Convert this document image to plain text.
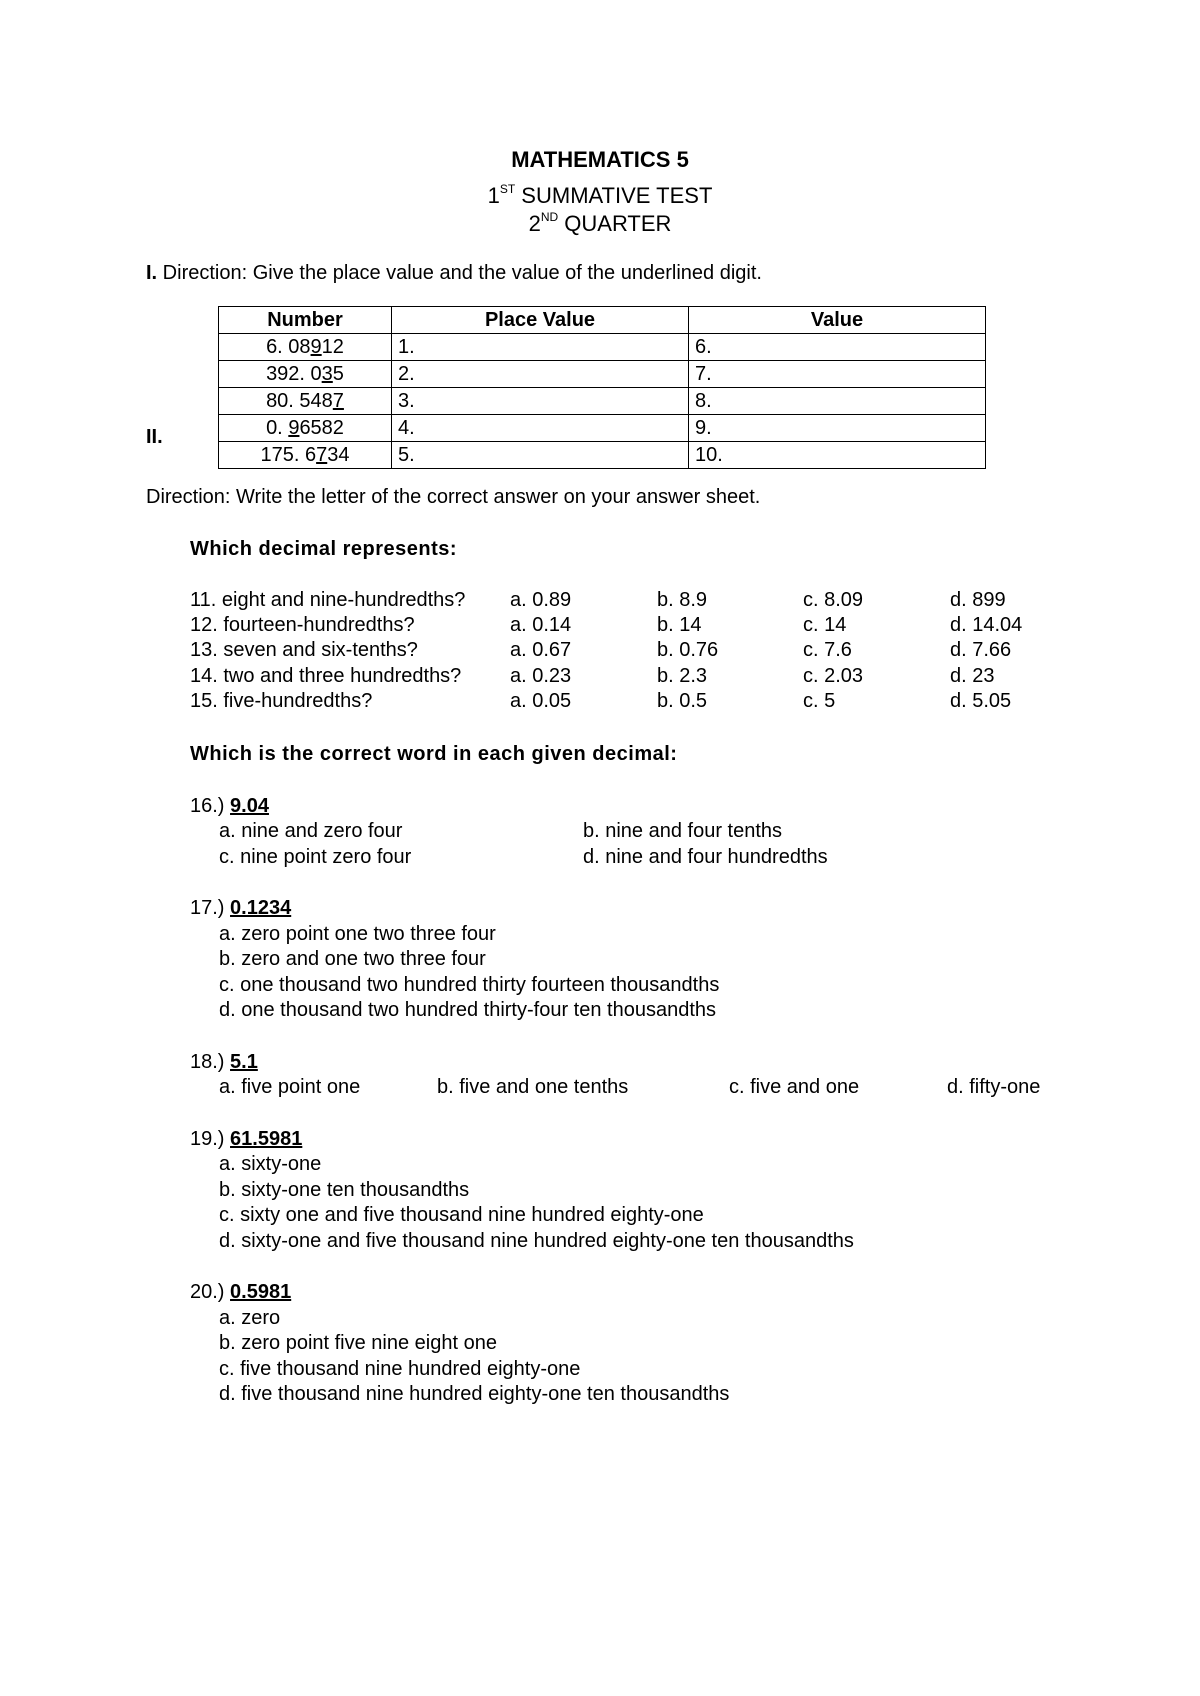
MATHEMATICS 5
1ST SUMMATIVE TEST
2ND QUARTER
I. Direction: Give the place value and the value of the underlined digit.
Number	Place Value	Value
6. 08912	1.	6.
392. 035	2.	7.
80. 5487	3.	8.
0. 96582	4.	9.
175. 6734	5.	10.
II.
Direction: Write the letter of the correct answer on your answer sheet.
Which decimal represents:
11. eight and nine-hundredths? a. 0.89	b. 8.9	c. 8.09	d. 899
12. fourteen-hundredths?	a. 0.14	b. 14	c. 14	d. 14.04
13. seven and six-tenths?	a. 0.67	b. 0.76	c. 7.6	d. 7.66
14. two and three hundredths? a. 0.23	b. 2.3	c. 2.03	d. 23
15. five-hundredths?	a. 0.05	b. 0.5	c. 5	d. 5.05
Which is the correct word in each given decimal:
16.) 9.04
a. nine and zero four	b. nine and four tenths
c. nine point zero four	d. nine and four hundredths
17.) 0.1234
a. zero point one two three four
b. zero and one two three four
c. one thousand two hundred thirty fourteen thousandths
d. one thousand two hundred thirty-four ten thousandths
18.) 5.1
a. five point one	b. five and one tenths	c. five and one	d. fifty-one
19.) 61.5981
a. sixty-one
b. sixty-one ten thousandths
c. sixty one and five thousand nine hundred eighty-one
d. sixty-one and five thousand nine hundred eighty-one ten thousandths
20.) 0.5981
a. zero
b. zero point five nine eight one
c. five thousand nine hundred eighty-one
d. five thousand nine hundred eighty-one ten thousandths
